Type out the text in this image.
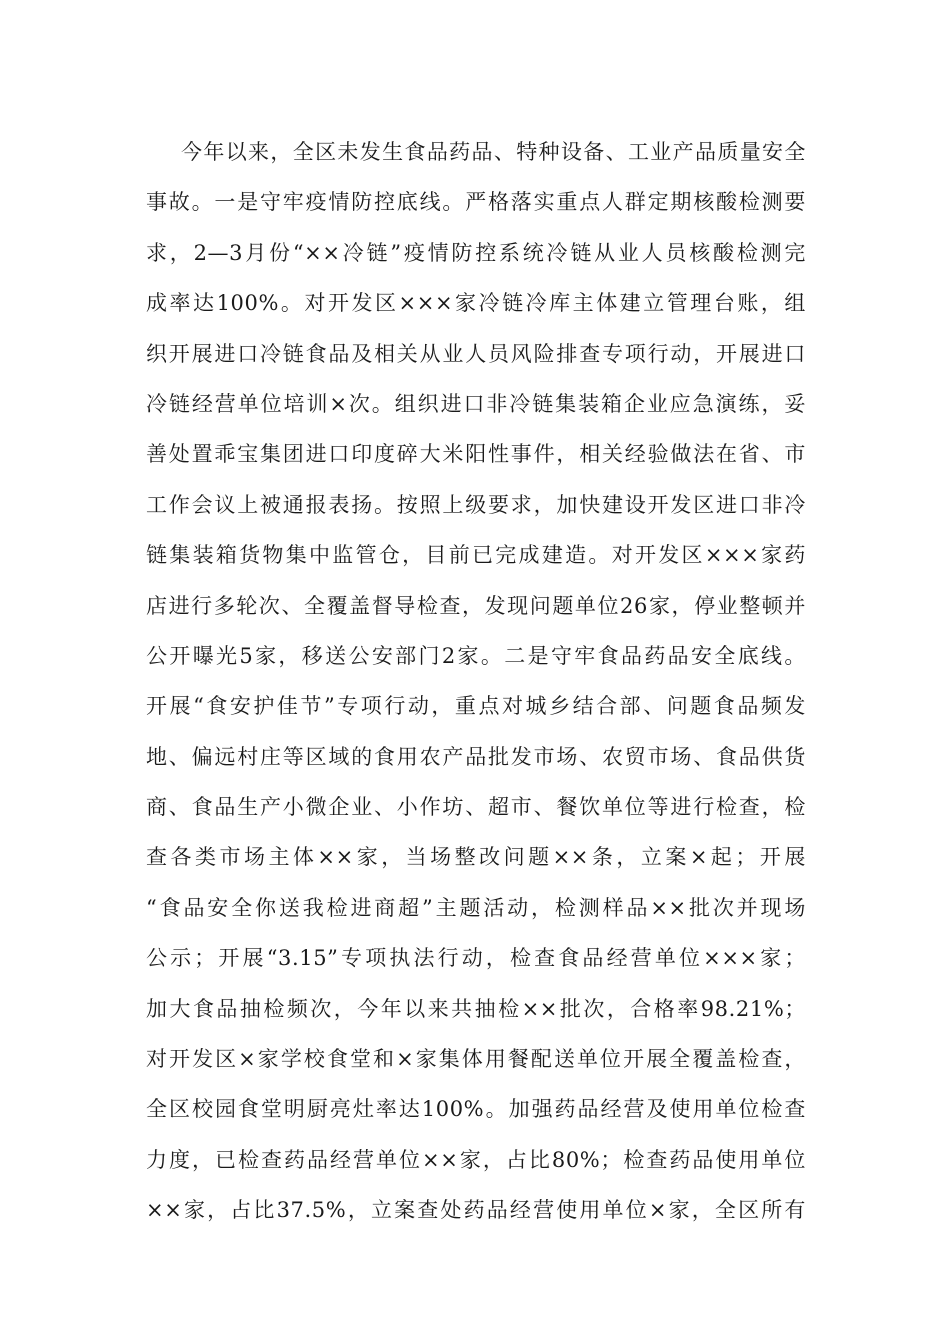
今年以来，全区未发生食品药品、特种设备、工业产品质量安全
事故。一是守牢疫情防控底线。严格落实重点人群定期核酸检测要
求，2—3月份“××冷链”疫情防控系统冷链从业人员核酸检测完
成率达100%。对开发区×××家冷链冷库主体建立管理台账，组
织开展进口冷链食品及相关从业人员风险排查专项行动，开展进口
冷链经营单位培训×次。组织进口非冷链集装箱企业应急演练，妥
善处置乖宝集团进口印度碎大米阳性事件，相关经验做法在省、市
工作会议上被通报表扬。按照上级要求，加快建设开发区进口非冷
链集装箱货物集中监管仓，目前已完成建造。对开发区×××家药
店进行多轮次、全覆盖督导检查，发现问题单位26家，停业整顿并
公开曝光5家，移送公安部门2家。二是守牢食品药品安全底线。
开展“食安护佳节”专项行动，重点对城乡结合部、问题食品频发
地、偏远村庄等区域的食用农产品批发市场、农贸市场、食品供货
商、食品生产小微企业、小作坊、超市、餐饮单位等进行检查，检
查各类市场主体××家，当场整改问题××条，立案×起；开展
“食品安全你送我检进商超”主题活动，检测样品××批次并现场
公示；开展“3.15”专项执法行动，检查食品经营单位×××家；
加大食品抽检频次，今年以来共抽检××批次，合格率98.21%；
对开发区×家学校食堂和×家集体用餐配送单位开展全覆盖检查，
全区校园食堂明厨亮灶率达100%。加强药品经营及使用单位检查
力度，已检查药品经营单位××家，占比80%；检查药品使用单位
××家，占比37.5%，立案查处药品经营使用单位×家，全区所有
